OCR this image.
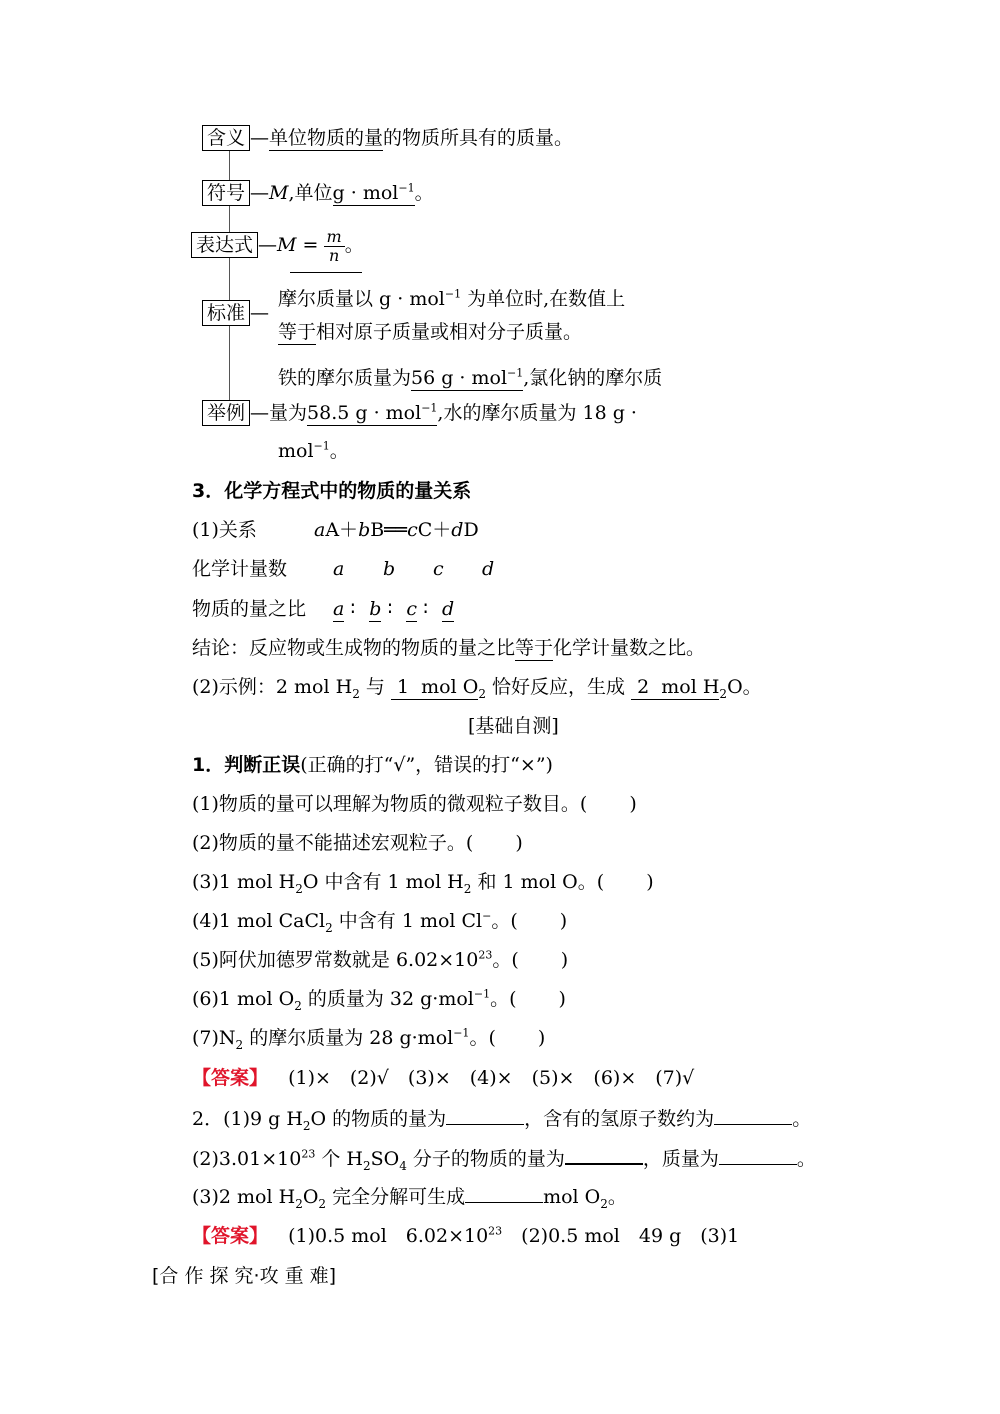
含义 —单位物质的量的物质所具有的质量。
符号 —M,单位g · mol$^{-1}$。
表达式 —M = $\frac{m}{n}$ 。
标准 —
摩尔质量以 g · mol$^{-1}$ 为单位时,在数值上
等于相对原子质量或相对分子质量。
铁的摩尔质量为56 g · mol$^{-1}$,氯化钠的摩尔质
举例 —量为58.5 g · mol$^{-1}$,水的摩尔质量为 18 g ·
mol$^{-1}$。
3．化学方程式中的物质的量关系
(1)关系	aA＋bB══cC＋dD
化学计量数 a b c d
物质的量之比 a ∶ b ∶ c ∶ d
结论：反应物或生成物的物质的量之比等于化学计量数之比。
(2)示例：2 mol $H_2$ 与  1  mol $O_2$ 恰好反应，生成  2  mol $H_2O$。
[基础自测]
1．判断正误(正确的打“√”，错误的打“×”)
(1)物质的量可以理解为物质的微观粒子数目。( )
(2)物质的量不能描述宏观粒子。( )
(3)1 mol $H_2O$ 中含有 1 mol $H_2$ 和 1 mol O。( )
(4)1 mol CaCl$_2$ 中含有 1 mol Cl−。( )
(5)阿伏加德罗常数就是 $6.02\times 10^{23}$。( )
(6)1 mol $O_2$ 的质量为 32 g·mol$^{-1}$。( )
$(7)N_2$ 的摩尔质量为 28 g·mol$^{-1}$。( )
【答案】 (1)×　(2)√　(3)×　(4)×　(5)×　(6)×　(7)√
2．(1)9 g $H_2O$ 的物质的量为	，含有的氢原子数约为	。
$(2)3.01\times 10^{23}$ 个 $H_2SO_4$ 分子的物质的量为	，质量为	。
(3)2 mol $H_2O_2$ 完全分解可生成	mol $O_2$。
【答案】 (1)0.5 mol　$6.02\times 10^{23}$　(2)0.5 mol　49 g　(3)1
[合 作 探 究·攻 重 难]
